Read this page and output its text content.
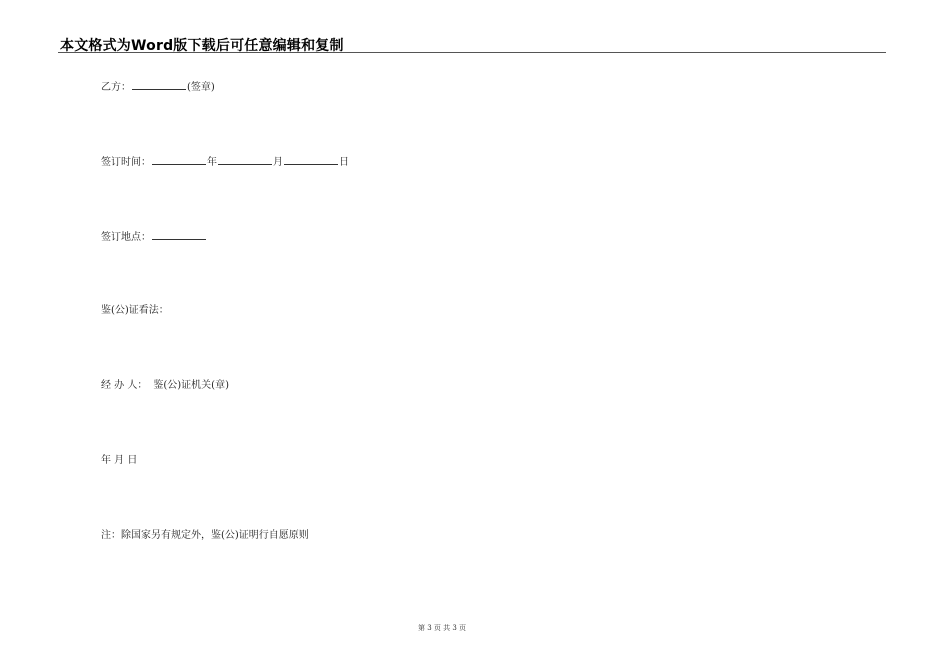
本文格式为Word版下载后可任意编辑和复制
乙方：	(签章)
签订时间：	年	月	日
签订地点：
鉴(公)证看法：
经 办 人： 鉴(公)证机关(章)
年 月 日
注：除国家另有规定外，鉴(公)证明行自愿原则
第 3 页 共 3 页
